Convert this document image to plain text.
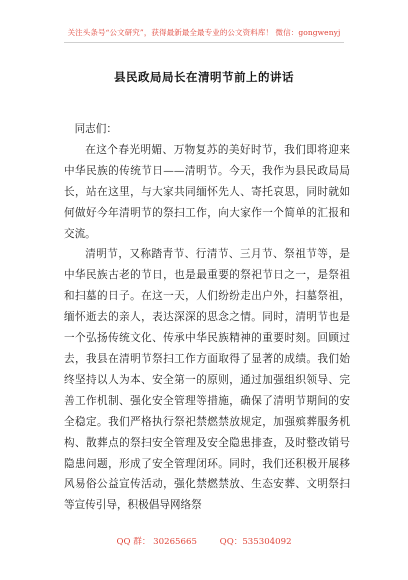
关注头条号“公文研究”，获得最新最全最专业的公文资料库！ 微信：gongwenyj
县民政局局长在清明节前上的讲话

同志们：

在这个春光明媚、万物复苏的美好时节，我们即将迎来中华民族的传统节日——清明节。今天，我作为县民政局局长，站在这里，与大家共同缅怀先人、寄托哀思，同时就如何做好今年清明节的祭扫工作，向大家作一个简单的汇报和交流。

清明节，又称踏青节、行清节、三月节、祭祖节等，是中华民族古老的节日，也是最重要的祭祀节日之一，是祭祖和扫墓的日子。在这一天，人们纷纷走出户外，扫墓祭祖，缅怀逝去的亲人，表达深深的思念之情。同时，清明节也是一个弘扬传统文化、传承中华民族精神的重要时刻。回顾过去，我县在清明节祭扫工作方面取得了显著的成绩。我们始终坚持以人为本、安全第一的原则，通过加强组织领导、完善工作机制、强化安全管理等措施，确保了清明节期间的安全稳定。我们严格执行祭祀禁燃禁放规定，加强殡葬服务机构、散葬点的祭扫安全管理及安全隐患排查，及时整改销号隐患问题，形成了安全管理闭环。同时，我们还积极开展移风易俗公益宣传活动，强化禁燃禁放、生态安葬、文明祭扫等宣传引导，积极倡导网络祭

QQ 群： 30265665	QQ：535304092
